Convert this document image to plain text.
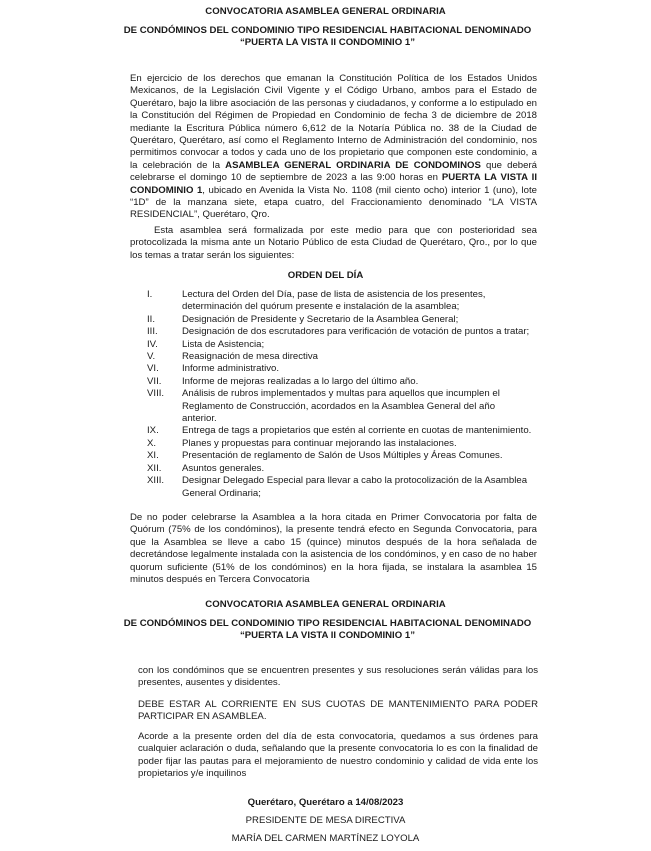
CONVOCATORIA ASAMBLEA GENERAL ORDINARIA
DE CONDÓMINOS DEL CONDOMINIO TIPO RESIDENCIAL HABITACIONAL DENOMINADO “PUERTA LA VISTA II CONDOMINIO 1”
En ejercicio de los derechos que emanan la Constitución Política de los Estados Unidos Mexicanos, de la Legislación Civil Vigente y el Código Urbano, ambos para el Estado de Querétaro, bajo la libre asociación de las personas y ciudadanos, y conforme a lo estipulado en la Constitución del Régimen de Propiedad en Condominio de fecha 3 de diciembre de 2018 mediante la Escritura Pública número 6,612 de la Notaría Pública no. 38 de la Ciudad de Querétaro, Querétaro, así como el Reglamento Interno de Administración del condominio, nos permitimos convocar a todos y cada uno de los propietario que componen este condominio, a la celebración de la ASAMBLEA GENERAL ORDINARIA DE CONDOMINOS que deberá celebrarse el domingo 10 de septiembre de 2023 a las 9:00 horas en PUERTA LA VISTA II CONDOMINIO 1, ubicado en Avenida la Vista No. 1108 (mil ciento ocho) interior 1 (uno), lote “1D” de la manzana siete, etapa cuatro, del Fraccionamiento denominado “LA VISTA RESIDENCIAL”, Querétaro, Qro.
Esta asamblea será formalizada por este medio para que con posterioridad sea protocolizada la misma ante un Notario Público de esta Ciudad de Querétaro, Qro., por lo que los temas a tratar serán los siguientes:
ORDEN DEL DÍA
I.	Lectura del Orden del Día, pase de lista de asistencia de los presentes, determinación del quórum presente e instalación de la asamblea;
II.	Designación de Presidente y Secretario de la Asamblea General;
III.	Designación de dos escrutadores para verificación de votación de puntos a tratar;
IV.	Lista de Asistencia;
V.	Reasignación de mesa directiva
VI. Informe administrativo.
VII. Informe de mejoras realizadas a lo largo del último año.
VIII. Análisis de rubros implementados y multas para aquellos que incumplen el Reglamento de Construcción, acordados en la Asamblea General del año anterior.
IX. Entrega de tags a propietarios que estén al corriente en cuotas de mantenimiento.
X.	Planes y propuestas para continuar mejorando las instalaciones.
XI. Presentación de reglamento de Salón de Usos Múltiples y Áreas Comunes.
XII. Asuntos generales.
XIII. Designar Delegado Especial para llevar a cabo la protocolización de la Asamblea General Ordinaria;
De no poder celebrarse la Asamblea a la hora citada en Primer Convocatoria por falta de Quórum (75% de los condóminos), la presente tendrá efecto en Segunda Convocatoria, para que la Asamblea se lleve a cabo 15 (quince) minutos después de la hora señalada de decretándose legalmente instalada con la asistencia de los condóminos, y en caso de no haber quorum suficiente (51% de los condóminos) en la hora fijada, se instalara la asamblea 15 minutos después en Tercera Convocatoria
CONVOCATORIA ASAMBLEA GENERAL ORDINARIA
DE CONDÓMINOS DEL CONDOMINIO TIPO RESIDENCIAL HABITACIONAL DENOMINADO “PUERTA LA VISTA II CONDOMINIO 1”
con los condóminos que se encuentren presentes y sus resoluciones serán válidas para los presentes, ausentes y disidentes.
DEBE ESTAR AL CORRIENTE EN SUS CUOTAS DE MANTENIMIENTO PARA PODER PARTICIPAR EN ASAMBLEA.
Acorde a la presente orden del día de esta convocatoria, quedamos a sus órdenes para cualquier aclaración o duda, señalando que la presente convocatoria lo es con la finalidad de poder fijar las pautas para el mejoramiento de nuestro condominio y calidad de vida ente los propietarios y/e inquilinos
Querétaro, Querétaro a 14/08/2023
PRESIDENTE DE MESA DIRECTIVA
MARÍA DEL CARMEN MARTÍNEZ LOYOLA
